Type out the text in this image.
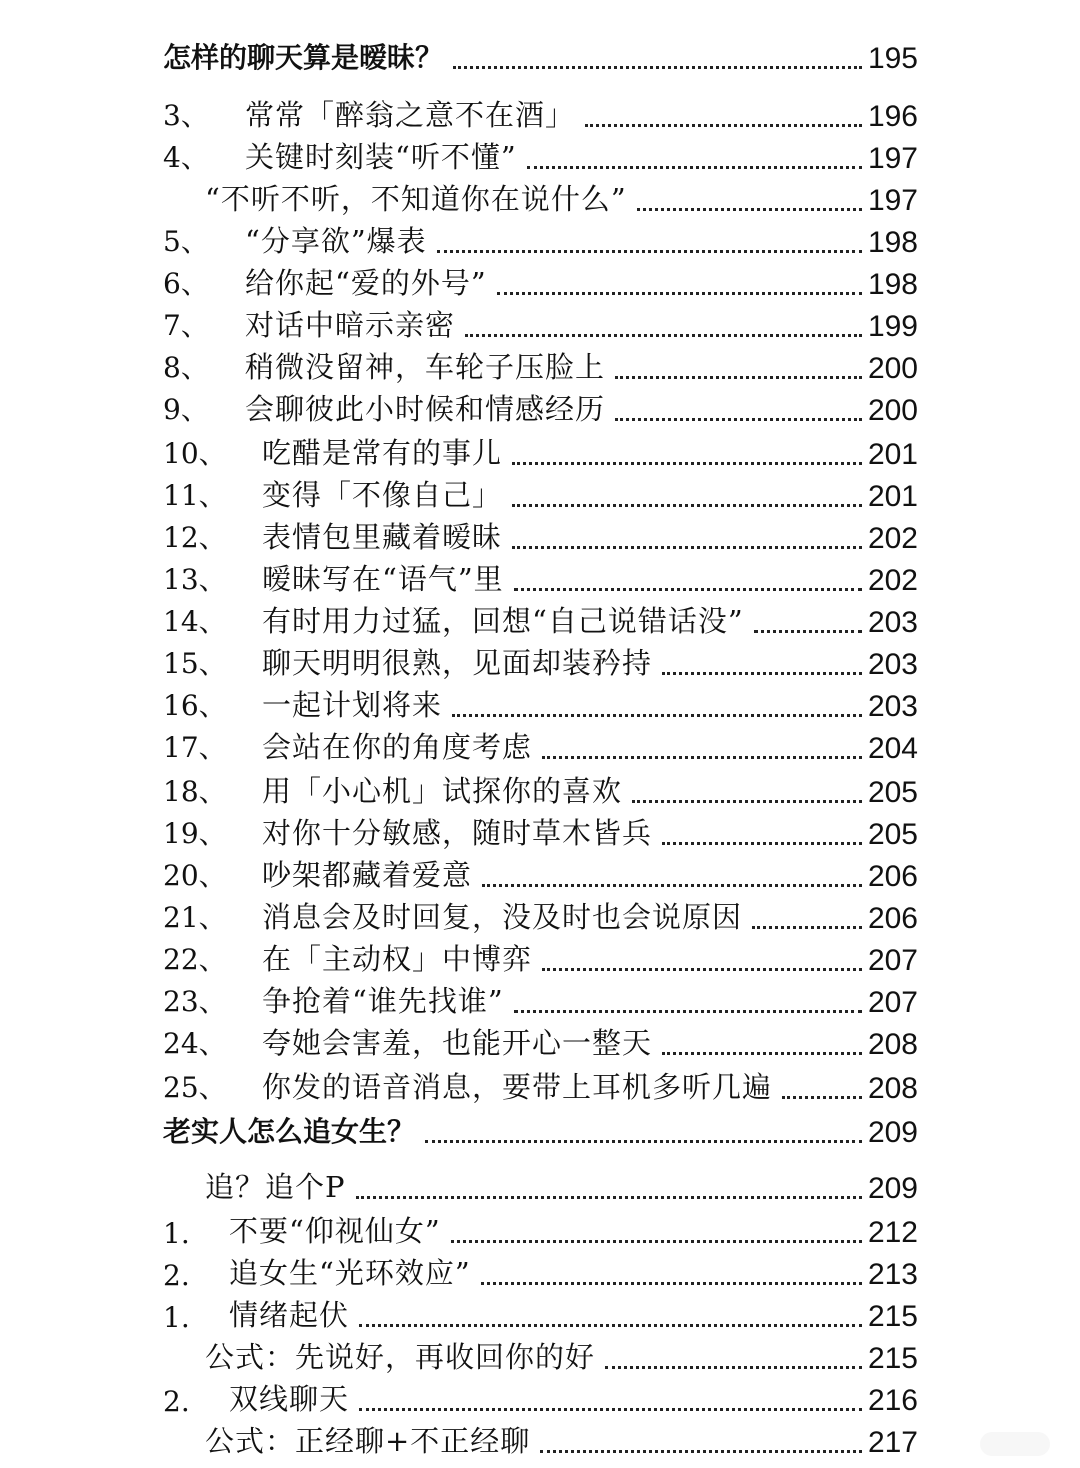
怎样的聊天算是暧昧？	195
3、 常常「醉翁之意不在酒」	196
4、 关键时刻装“听不懂”	197
“不听不听，不知道你在说什么”	197
5、 “分享欲”爆表	198
6、 给你起“爱的外号”	198
7、 对话中暗示亲密	199
8、 稍微没留神，车轮子压脸上	200
9、 会聊彼此小时候和情感经历	200
10、 吃醋是常有的事儿	201
11、 变得「不像自己」	201
12、 表情包里藏着暧昧	202
13、 暧昧写在“语气”里	202
14、 有时用力过猛，回想“自己说错话没”	203
15、 聊天明明很熟，见面却装矜持	203
16、 一起计划将来	203
17、 会站在你的角度考虑	204
18、 用「小心机」试探你的喜欢	205
19、 对你十分敏感，随时草木皆兵	205
20、 吵架都藏着爱意	206
21、 消息会及时回复，没及时也会说原因	206
22、 在「主动权」中博弈	207
23、 争抢着“谁先找谁”	207
24、 夸她会害羞，也能开心一整天	208
25、 你发的语音消息，要带上耳机多听几遍	208
老实人怎么追女生？	209
追？追个P	209
1. 不要“仰视仙女”	212
2. 追女生“光环效应”	213
1. 情绪起伏	215
公式：先说好，再收回你的好	215
2. 双线聊天	216
公式：正经聊+不正经聊	217
